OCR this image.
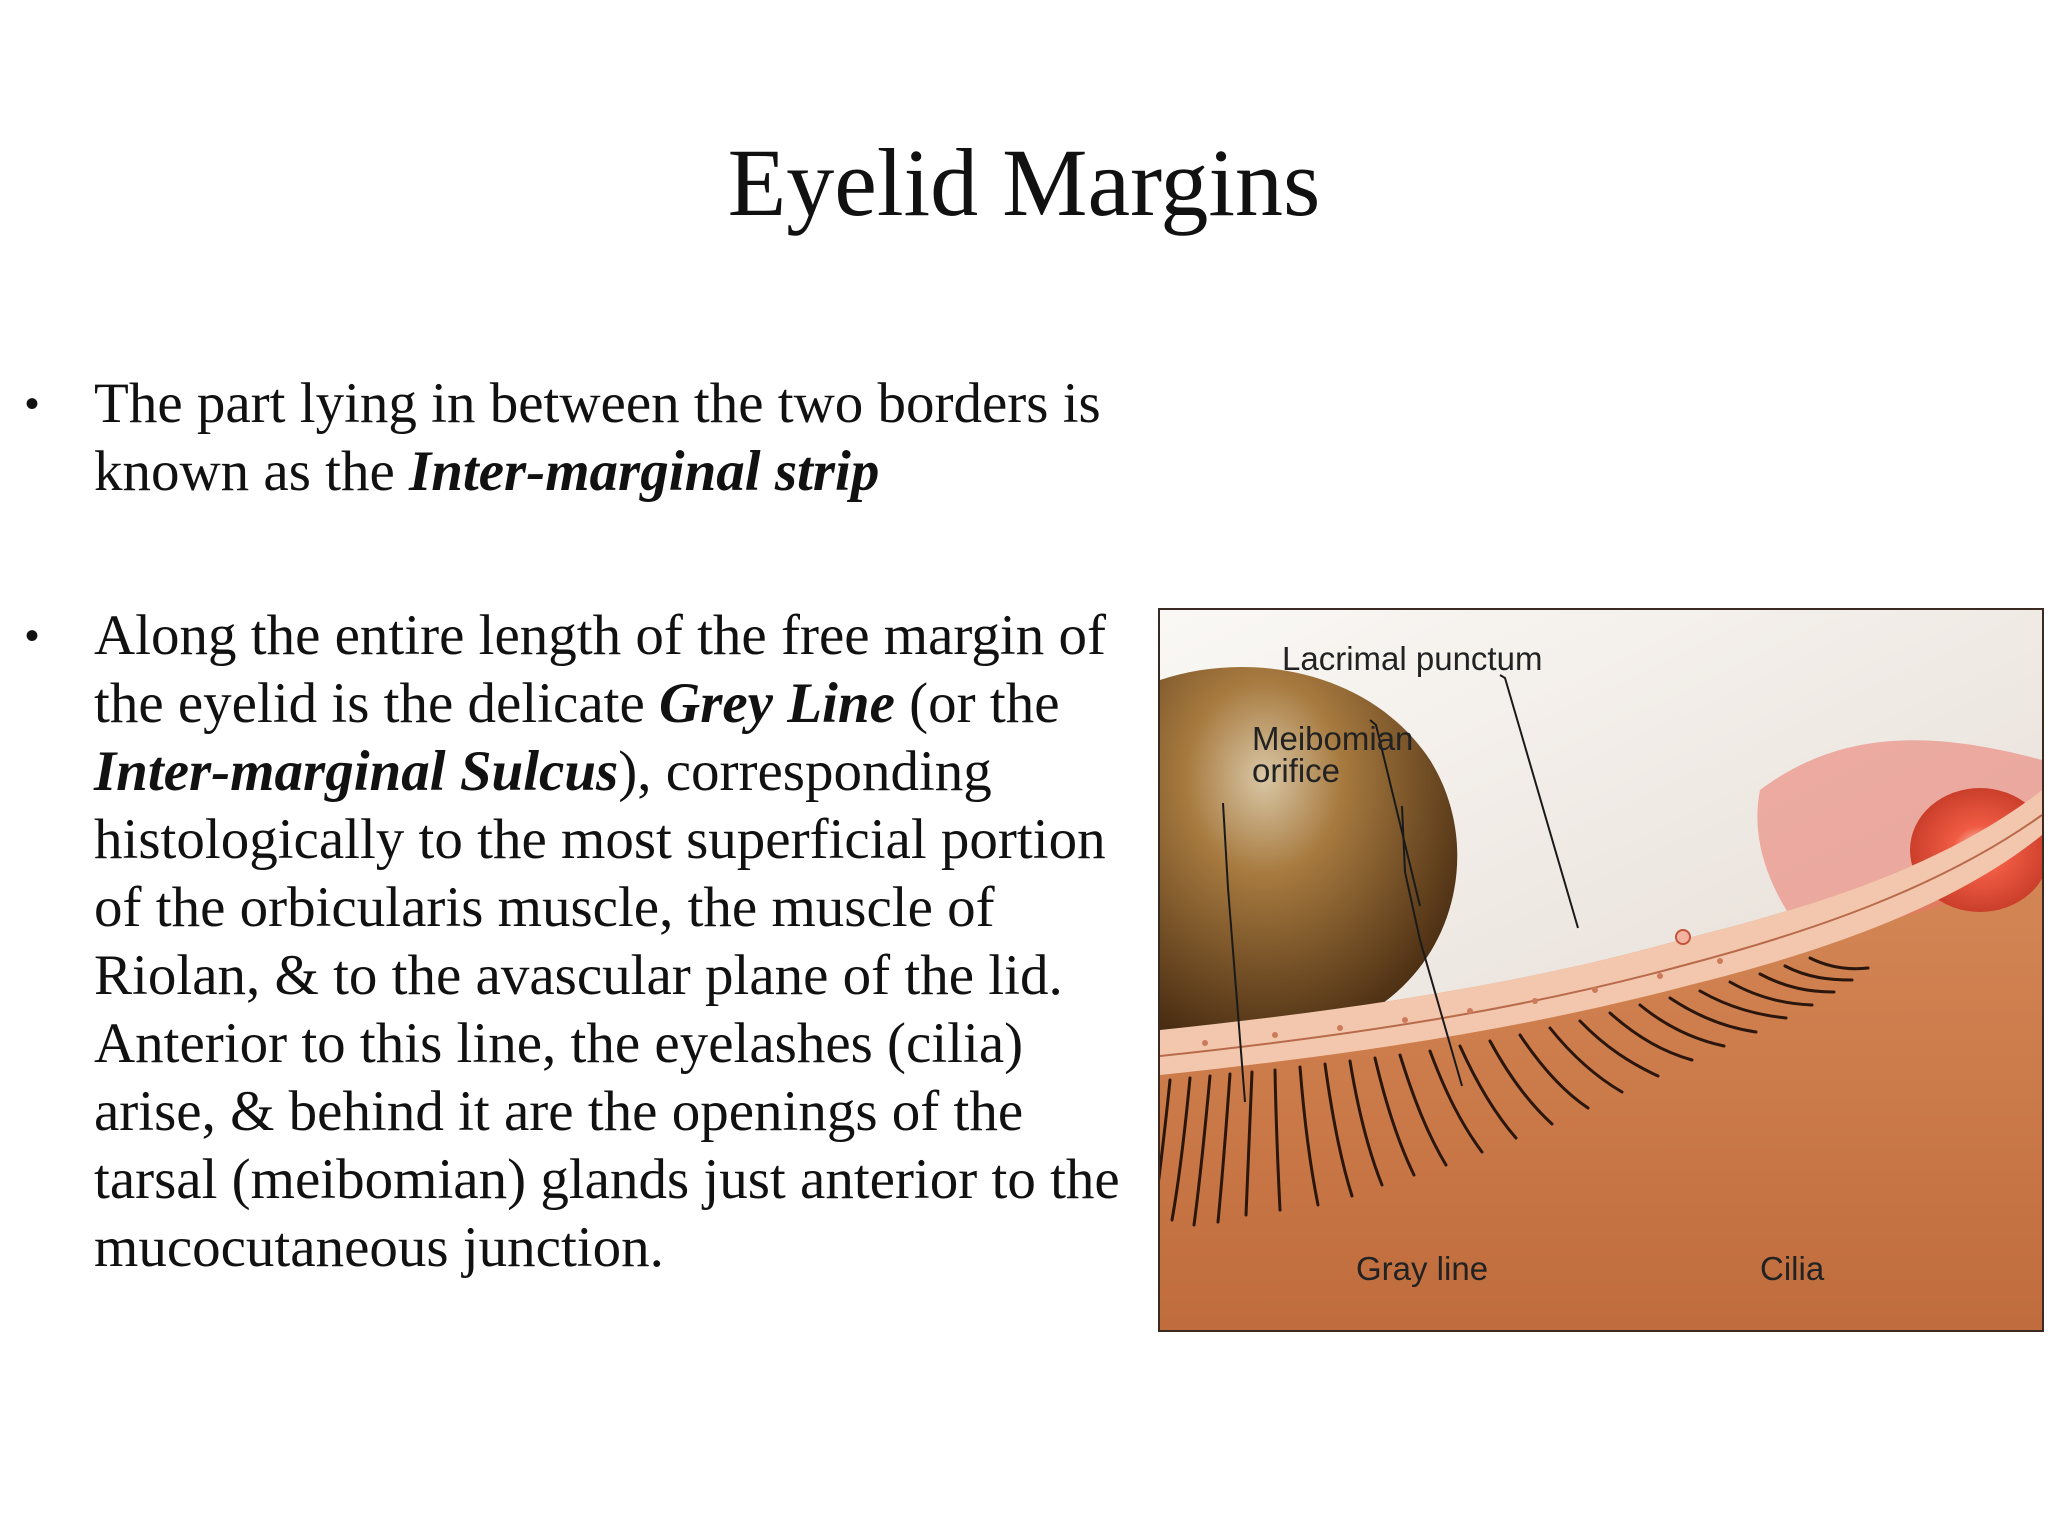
Eyelid Margins
• The part lying in between the two borders is known as the Inter-marginal strip
• Along the entire length of the free margin of the eyelid is the delicate Grey Line (or the Inter-marginal Sulcus), corresponding histologically to the most superficial portion of the orbicularis muscle, the muscle of Riolan, & to the avascular plane of the lid. Anterior to this line, the eyelashes (cilia) arise, & behind it are the openings of the tarsal (meibomian) glands just anterior to the mucocutaneous junction.
Lacrimal punctum
Meibomian
orifice
Gray line	Cilia
